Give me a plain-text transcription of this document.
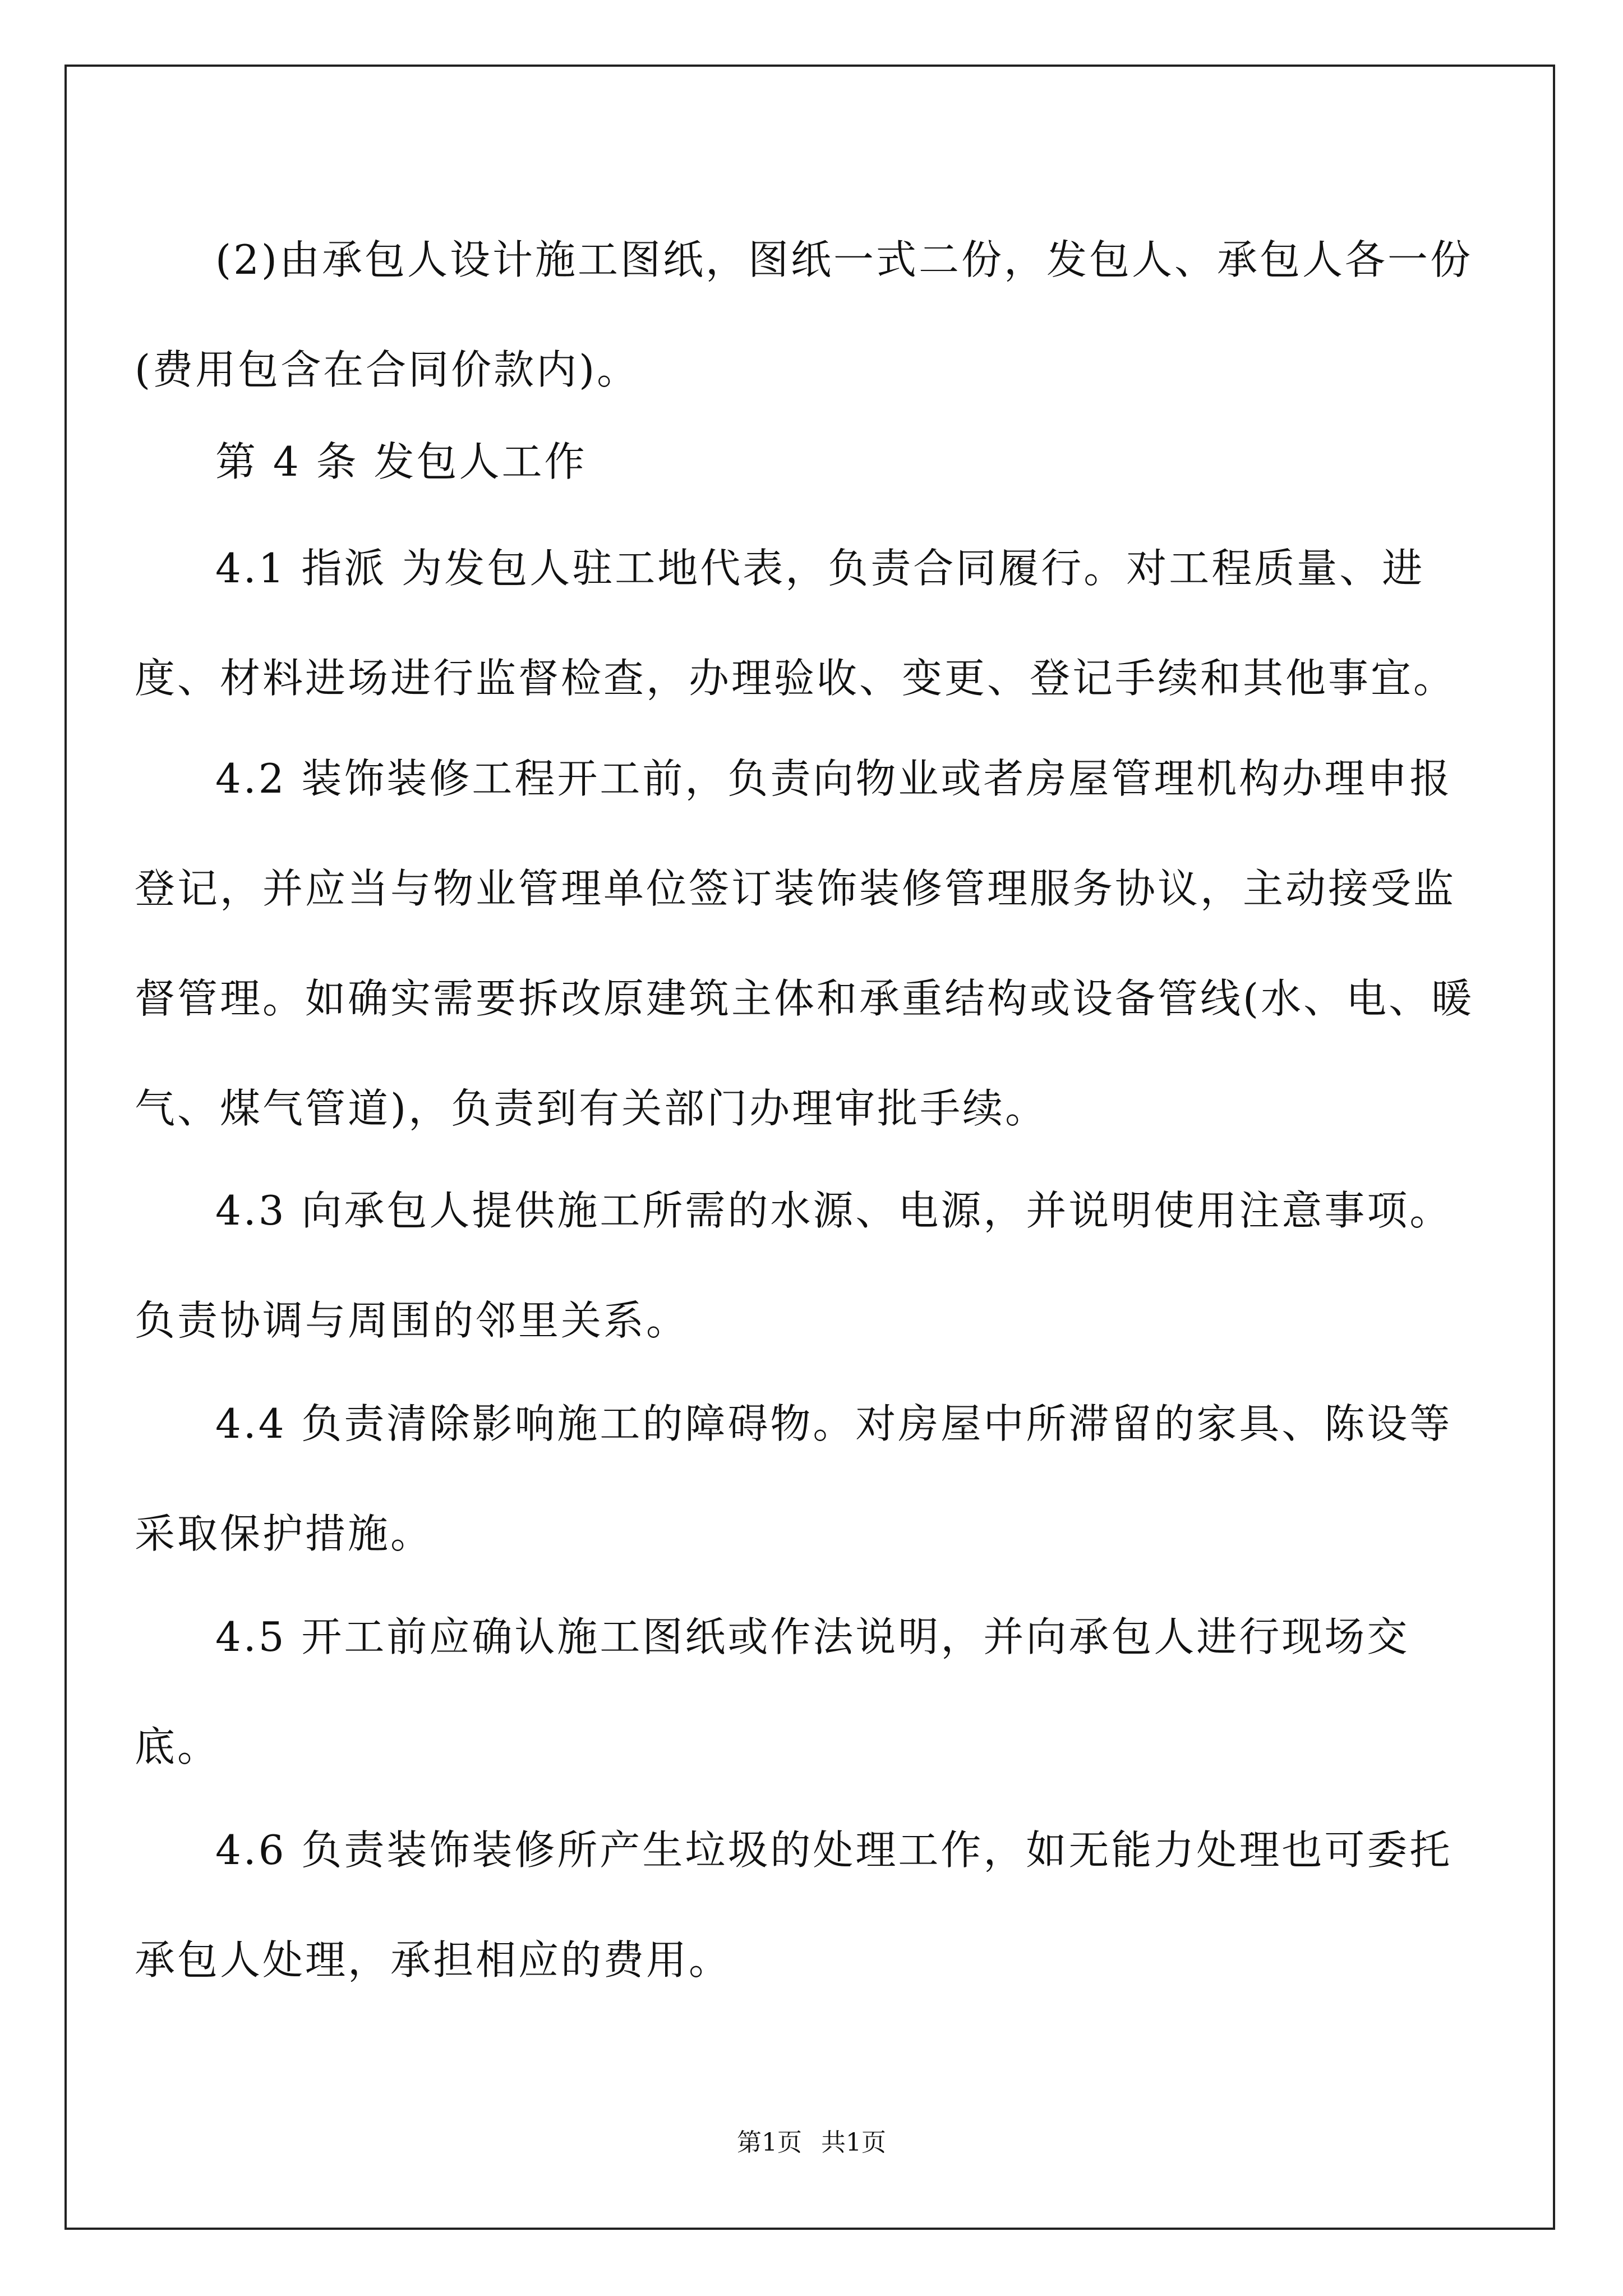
(2)由承包人设计施工图纸，图纸一式二份，发包人、承包人各一份(费用包含在合同价款内)。
第 4 条 发包人工作
4.1 指派 为发包人驻工地代表，负责合同履行。对工程质量、进度、材料进场进行监督检查，办理验收、变更、登记手续和其他事宜。
4.2 装饰装修工程开工前，负责向物业或者房屋管理机构办理申报登记，并应当与物业管理单位签订装饰装修管理服务协议，主动接受监督管理。如确实需要拆改原建筑主体和承重结构或设备管线(水、电、暖气、煤气管道)，负责到有关部门办理审批手续。
4.3 向承包人提供施工所需的水源、电源，并说明使用注意事项。负责协调与周围的邻里关系。
4.4 负责清除影响施工的障碍物。对房屋中所滞留的家具、陈设等采取保护措施。
4.5 开工前应确认施工图纸或作法说明，并向承包人进行现场交底。
4.6 负责装饰装修所产生垃圾的处理工作，如无能力处理也可委托承包人处理，承担相应的费用。
第1页 共1页
